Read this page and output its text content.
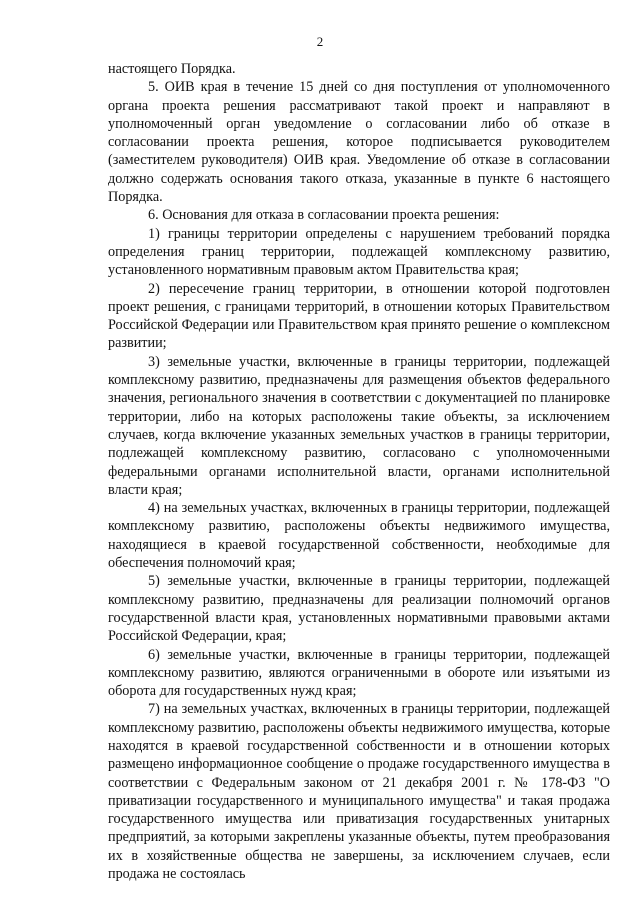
2

настоящего Порядка.

5. ОИВ края в течение 15 дней со дня поступления от уполномоченного органа проекта решения рассматривают такой проект и направляют в уполномоченный орган уведомление о согласовании либо об отказе в согласовании проекта решения, которое подписывается руководителем (заместителем руководителя) ОИВ края. Уведомление об отказе в согласовании должно содержать основания такого отказа, указанные в пункте 6 настоящего Порядка.

6. Основания для отказа в согласовании проекта решения:

1) границы территории определены с нарушением требований порядка определения границ территории, подлежащей комплексному развитию, установленного нормативным правовым актом Правительства края;

2) пересечение границ территории, в отношении которой подготовлен проект решения, с границами территорий, в отношении которых Правительством Российской Федерации или Правительством края принято решение о комплексном развитии;

3) земельные участки, включенные в границы территории, подлежащей комплексному развитию, предназначены для размещения объектов федерального значения, регионального значения в соответствии с документацией по планировке территории, либо на которых расположены такие объекты, за исключением случаев, когда включение указанных земельных участков в границы территории, подлежащей комплексному развитию, согласовано с уполномоченными федеральными органами исполнительной власти, органами исполнительной власти края;

4) на земельных участках, включенных в границы территории, подлежащей комплексному развитию, расположены объекты недвижимого имущества, находящиеся в краевой государственной собственности, необходимые для обеспечения полномочий края;

5) земельные участки, включенные в границы территории, подлежащей комплексному развитию, предназначены для реализации полномочий органов государственной власти края, установленных нормативными правовыми актами Российской Федерации, края;

6) земельные участки, включенные в границы территории, подлежащей комплексному развитию, являются ограниченными в обороте или изъятыми из оборота для государственных нужд края;

7) на земельных участках, включенных в границы территории, подлежащей комплексному развитию, расположены объекты недвижимого имущества, которые находятся в краевой государственной собственности и в отношении которых размещено информационное сообщение о продаже государственного имущества в соответствии с Федеральным законом от 21 декабря 2001 г. № 178-ФЗ "О приватизации государственного и муниципального имущества" и такая продажа государственного имущества или приватизация государственных унитарных предприятий, за которыми закреплены указанные объекты, путем преобразования их в хозяйственные общества не завершены, за исключением случаев, если продажа не состоялась
